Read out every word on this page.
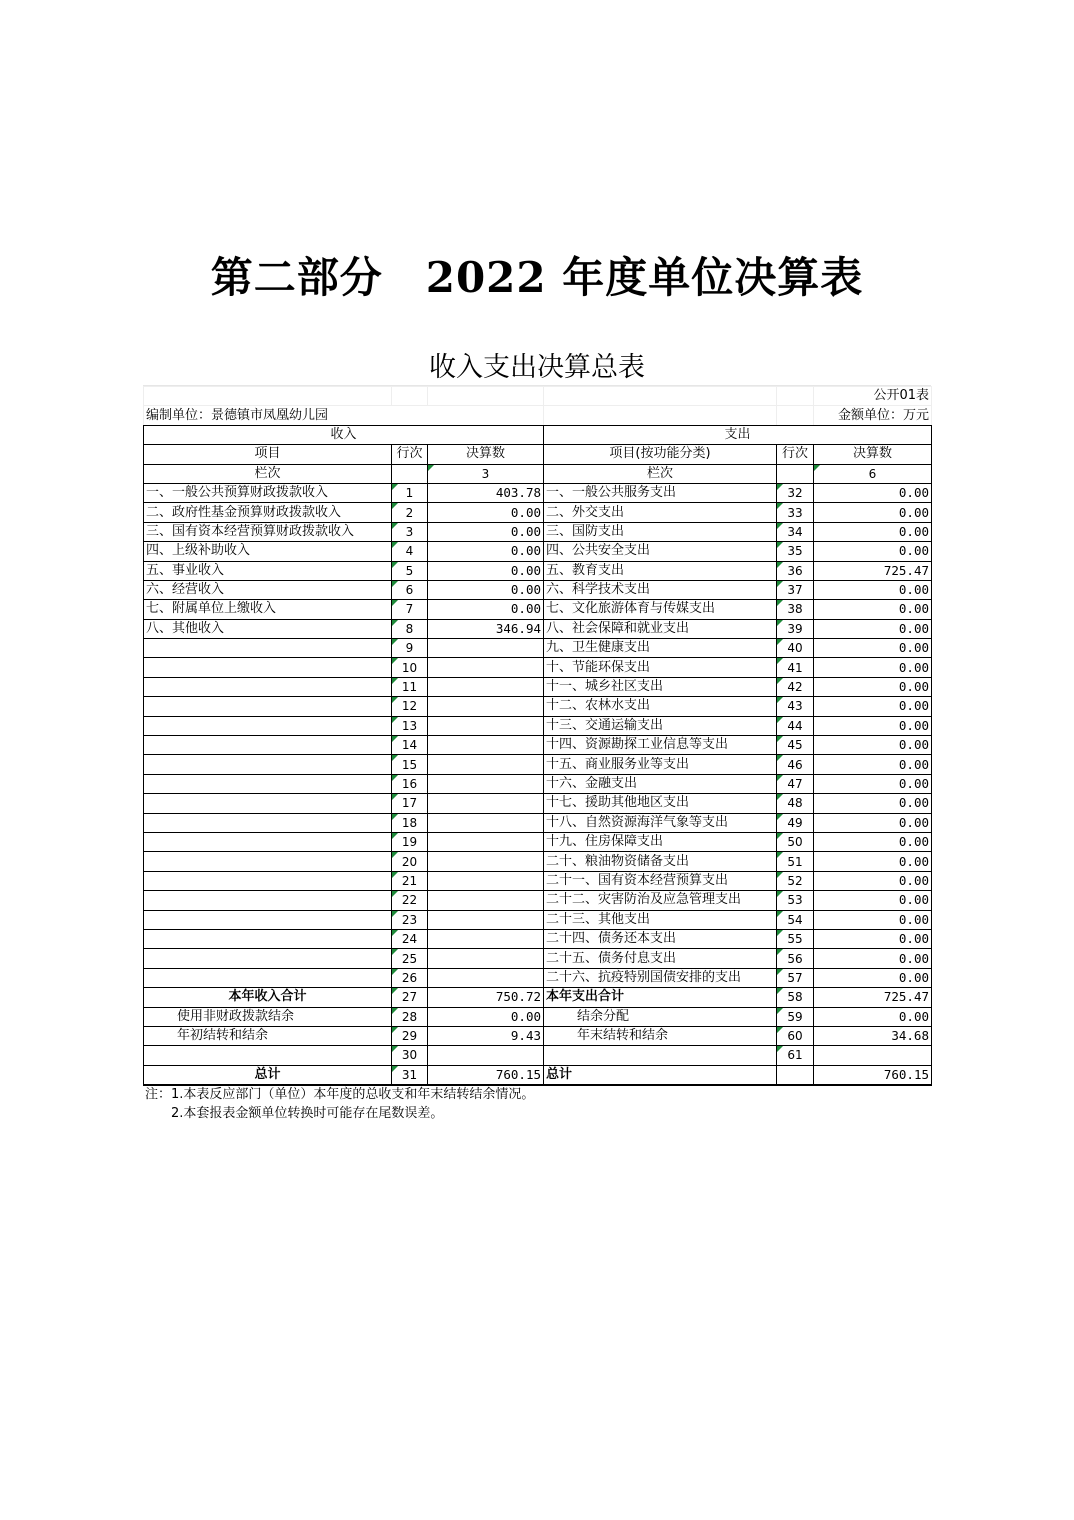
第二部分　2022 年度单位决算表
收入支出决算总表
					公开01表
编制单位：景德镇市凤凰幼儿园					金额单位：万元
收入			支出		
项目	行次	决算数	项目(按功能分类)	行次	决算数
栏次		3	栏次		6
一、一般公共预算财政拨款收入	1	403.78	一、一般公共服务支出	32	0.00
二、政府性基金预算财政拨款收入	2	0.00	二、外交支出	33	0.00
三、国有资本经营预算财政拨款收入	3	0.00	三、国防支出	34	0.00
四、上级补助收入	4	0.00	四、公共安全支出	35	0.00
五、事业收入	5	0.00	五、教育支出	36	725.47
六、经营收入	6	0.00	六、科学技术支出	37	0.00
七、附属单位上缴收入	7	0.00	七、文化旅游体育与传媒支出	38	0.00
八、其他收入	8	346.94	八、社会保障和就业支出	39	0.00
	9		九、卫生健康支出	40	0.00
	10		十、节能环保支出	41	0.00
	11		十一、城乡社区支出	42	0.00
	12		十二、农林水支出	43	0.00
	13		十三、交通运输支出	44	0.00
	14		十四、资源勘探工业信息等支出	45	0.00
	15		十五、商业服务业等支出	46	0.00
	16		十六、金融支出	47	0.00
	17		十七、援助其他地区支出	48	0.00
	18		十八、自然资源海洋气象等支出	49	0.00
	19		十九、住房保障支出	50	0.00
	20		二十、粮油物资储备支出	51	0.00
	21		二十一、国有资本经营预算支出	52	0.00
	22		二十二、灾害防治及应急管理支出	53	0.00
	23		二十三、其他支出	54	0.00
	24		二十四、债务还本支出	55	0.00
	25		二十五、债务付息支出	56	0.00
	26		二十六、抗疫特别国债安排的支出	57	0.00
本年收入合计	27	750.72	本年支出合计	58	725.47
使用非财政拨款结余	28	0.00	结余分配	59	0.00
年初结转和结余	29	9.43	年末结转和结余	60	34.68
	30			61	
总计	31	760.15	总计		760.15
注：1.本表反应部门（单位）本年度的总收支和年末结转结余情况。
　　2.本套报表金额单位转换时可能存在尾数误差。
